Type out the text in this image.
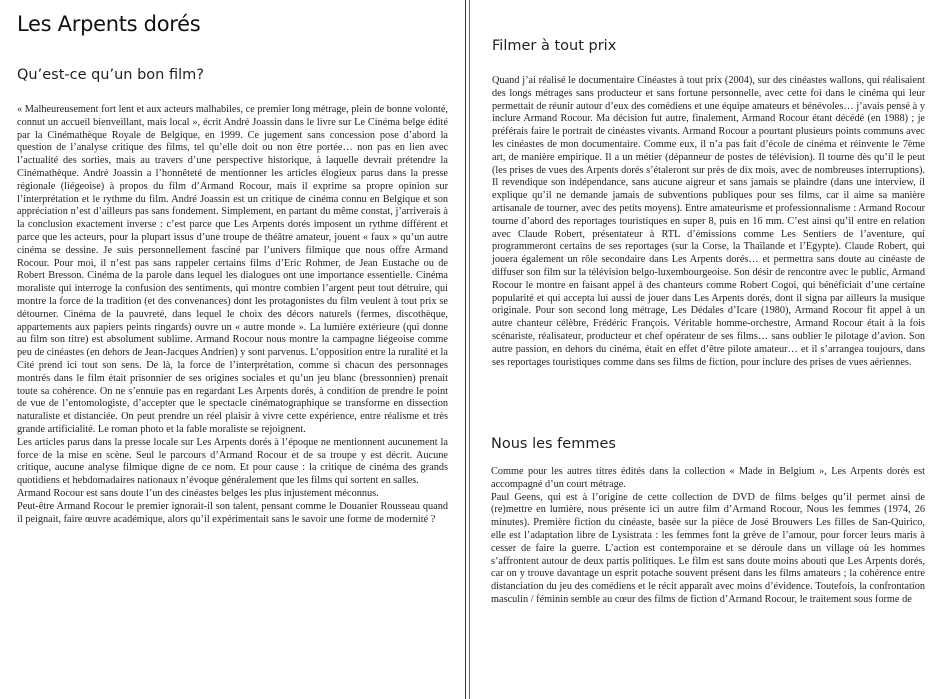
Les Arpents dorés
Qu’est-ce qu’un bon film?

« Malheureusement fort lent et aux acteurs malhabiles, ce premier long métrage, plein de bonne volonté, connut un accueil bienveillant, mais local », écrit André Joassin dans le livre sur Le Cinéma belge édité par la Cinémathèque Royale de Belgique, en 1999. Ce jugement sans concession pose d’abord la question de l’analyse critique des films, tel qu’elle doit ou non être portée… non pas en lien avec l’actualité des sorties, mais au travers d’une perspective historique, à laquelle devrait prétendre la Cinémathèque. André Joassin a l’honnêteté de mentionner les articles élogieux parus dans la presse régionale (liégeoise) à propos du film d’Armand Rocour, mais il exprime sa propre opinion sur l’interprétation et le rythme du film. André Joassin est un critique de cinéma connu en Belgique et son appréciation n’est d’ailleurs pas sans fondement. Simplement, en partant du même constat, j’arriverais à la conclusion exactement inverse : c’est parce que Les Arpents dorés imposent un rythme différent et parce que les acteurs, pour la plupart issus d’une troupe de théâtre amateur, jouent « faux » qu’un autre cinéma se dessine. Je suis personnellement fasciné par l’univers filmique que nous offre Armand Rocour. Pour moi, il n’est pas sans rappeler certains films d’Eric Rohmer, de Jean Eustache ou de Robert Bresson. Cinéma de la parole dans lequel les dialogues ont une importance essentielle. Cinéma moraliste qui interroge la confusion des sentiments, qui montre combien l’argent peut tout détruire, qui montre la force de la tradition (et des convenances) dont les protagonistes du film veulent à tout prix se détourner. Cinéma de la pauvreté, dans lequel le choix des décors naturels (fermes, discothèque, appartements aux papiers peints ringards) ouvre un « autre monde ». La lumière extérieure (qui donne au film son titre) est absolument sublime. Armand Rocour nous montre la campagne liégeoise comme peu de cinéastes (en dehors de Jean-Jacques Andrien) y sont parvenus. L’opposition entre la ruralité et la Cité prend ici tout son sens. De là, la force de l’interprétation, comme si chacun des personnages montrés dans le film était prisonnier de ses origines sociales et qu’un jeu blanc (bressonnien) prenait toute sa cohérence. On ne s’ennuie pas en regardant Les Arpents dorés, à condition de prendre le point de vue de l’entomologiste, d’accepter que le spectacle cinématographique se transforme en dissection naturaliste et distanciée. On peut prendre un réel plaisir à vivre cette expérience, entre réalisme et très grande artificialité. Le roman photo et la fable moraliste se rejoignent.

Les articles parus dans la presse locale sur Les Arpents dorés à l’époque ne mentionnent aucunement la force de la mise en scène. Seul le parcours d’Armand Rocour et de sa troupe y est décrit. Aucune critique, aucune analyse filmique digne de ce nom. Et pour cause : la critique de cinéma des grands quotidiens et hebdomadaires nationaux n’évoque généralement que les films qui sortent en salles.

Armand Rocour est sans doute l’un des cinéastes belges les plus injustement méconnus.

Peut-être Armand Rocour le premier ignorait-il son talent, pensant comme le Douanier Rousseau quand il peignait, faire œuvre académique, alors qu’il expérimentait sans le savoir une forme de modernité ?

Filmer à tout prix

Quand j’ai réalisé le documentaire Cinéastes à tout prix (2004), sur des cinéastes wallons, qui réalisaient des longs métrages sans producteur et sans fortune personnelle, avec cette foi dans le cinéma qui leur permettait de réunir autour d’eux des comédiens et une équipe amateurs et bénévoles… j’avais pensé à y inclure Armand Rocour. Ma décision fut autre, finalement, Armand Rocour étant décédé (en 1988) ; je préférais faire le portrait de cinéastes vivants. Armand Rocour a pourtant plusieurs points communs avec les cinéastes de mon documentaire. Comme eux, il n’a pas fait d’école de cinéma et réinvente le 7ème art, de manière empirique. Il a un métier (dépanneur de postes de télévision). Il tourne dès qu’il le peut (les prises de vues des Arpents dorés s’étaleront sur près de dix mois, avec de nombreuses interruptions). Il revendique son indépendance, sans aucune aigreur et sans jamais se plaindre (dans une interview, il explique qu’il ne demande jamais de subventions publiques pour ses films, car il aime sa manière artisanale de tourner, avec des petits moyens). Entre amateurisme et professionnalisme : Armand Rocour tourne d’abord des reportages touristiques en super 8, puis en 16 mm. C’est ainsi qu’il entre en relation avec Claude Robert, présentateur à RTL d’émissions comme Les Sentiers de l’aventure, qui programmeront certains de ses reportages (sur la Corse, la Thaïlande et l’Egypte). Claude Robert, qui jouera également un rôle secondaire dans Les Arpents dorés… et permettra sans doute au cinéaste de diffuser son film sur la télévision belgo-luxembourgeoise. Son désir de rencontre avec le public, Armand Rocour le montre en faisant appel à des chanteurs comme Robert Cogoi, qui bénéficiait d’une certaine popularité et qui accepta lui aussi de jouer dans Les Arpents dorés, dont il signa par ailleurs la musique originale. Pour son second long métrage, Les Dédales d’Icare (1980), Armand Rocour fit appel à un autre chanteur célèbre, Frédéric François. Véritable homme-orchestre, Armand Rocour était à la fois scénariste, réalisateur, producteur et chef opérateur de ses films… sans oublier le pilotage d’avion. Son autre passion, en dehors du cinéma, était en effet d’être pilote amateur… et il s’arrangea toujours, dans ses reportages touristiques comme dans ses films de fiction, pour inclure des prises de vues aériennes.

Nous les femmes

Comme pour les autres titres édités dans la collection « Made in Belgium », Les Arpents dorés est accompagné d’un court métrage.

Paul Geens, qui est à l’origine de cette collection de DVD de films belges qu’il permet ainsi de (re)mettre en lumière, nous présente ici un autre film d’Armand Rocour, Nous les femmes (1974, 26 minutes). Première fiction du cinéaste, basée sur la pièce de José Brouwers Les filles de San-Quirico, elle est l’adaptation libre de Lysistrata : les femmes font la grève de l’amour, pour forcer leurs maris à cesser de faire la guerre. L’action est contemporaine et se déroule dans un village où les hommes s’affrontent autour de deux partis politiques. Le film est sans doute moins abouti que Les Arpents dorés, car on y trouve davantage un esprit potache souvent présent dans les films amateurs ; la cohérence entre distanciation du jeu des comédiens et le récit apparaît avec moins d’évidence. Toutefois, la confrontation masculin / féminin semble au cœur des films de fiction d’Armand Rocour, le traitement sous forme de
